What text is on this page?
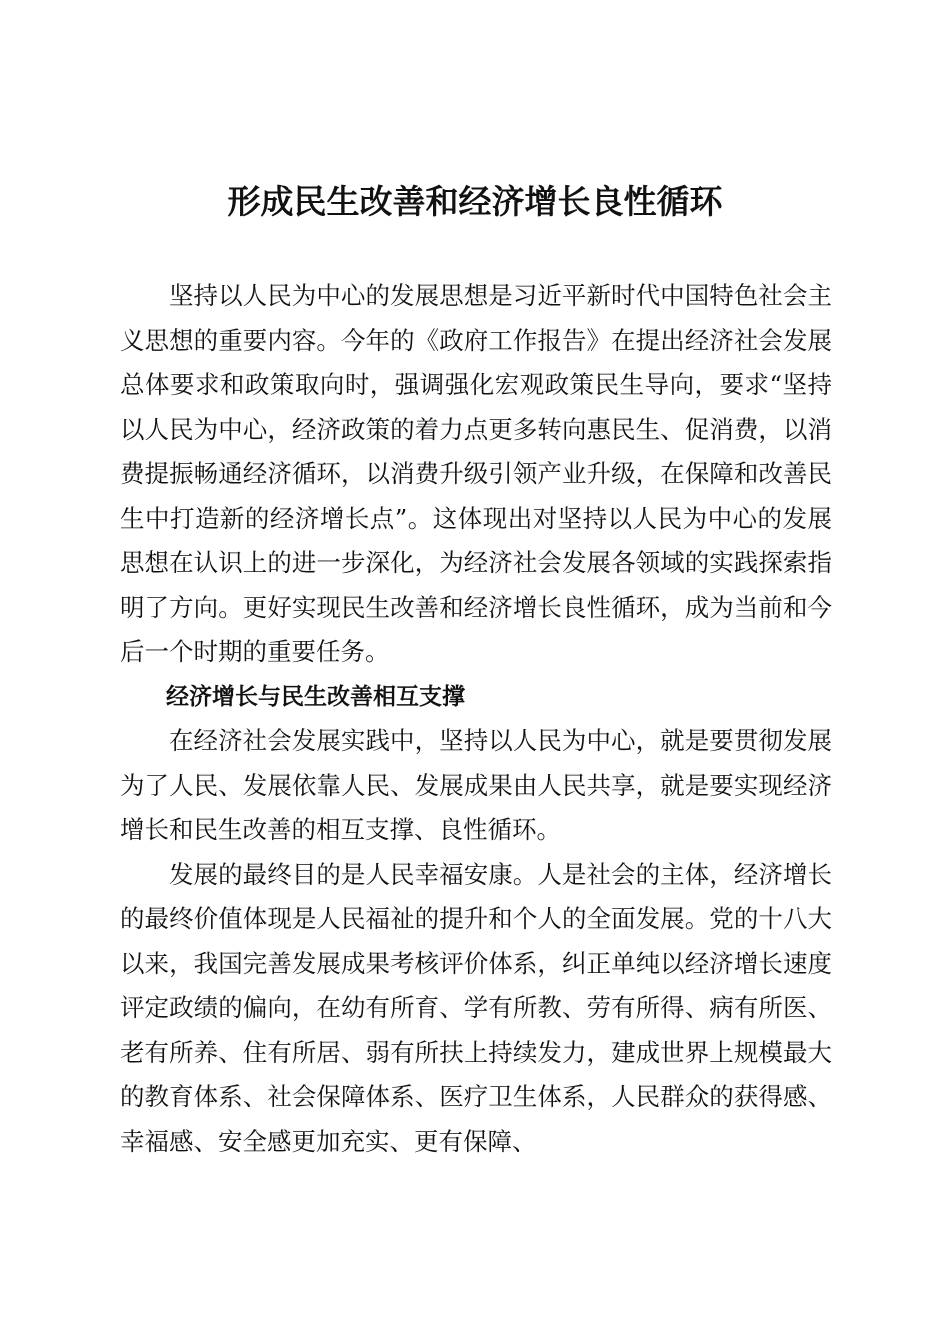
形成民生改善和经济增长良性循环

坚持以人民为中心的发展思想是习近平新时代中国特色社会主义思想的重要内容。今年的《政府工作报告》在提出经济社会发展总体要求和政策取向时，强调强化宏观政策民生导向，要求“坚持以人民为中心，经济政策的着力点更多转向惠民生、促消费，以消费提振畅通经济循环，以消费升级引领产业升级，在保障和改善民生中打造新的经济增长点”。这体现出对坚持以人民为中心的发展思想在认识上的进一步深化，为经济社会发展各领域的实践探索指明了方向。更好实现民生改善和经济增长良性循环，成为当前和今后一个时期的重要任务。

经济增长与民生改善相互支撑

在经济社会发展实践中，坚持以人民为中心，就是要贯彻发展为了人民、发展依靠人民、发展成果由人民共享，就是要实现经济增长和民生改善的相互支撑、良性循环。

发展的最终目的是人民幸福安康。人是社会的主体，经济增长的最终价值体现是人民福祉的提升和个人的全面发展。党的十八大以来，我国完善发展成果考核评价体系，纠正单纯以经济增长速度评定政绩的偏向，在幼有所育、学有所教、劳有所得、病有所医、老有所养、住有所居、弱有所扶上持续发力，建成世界上规模最大的教育体系、社会保障体系、医疗卫生体系，人民群众的获得感、幸福感、安全感更加充实、更有保障、
